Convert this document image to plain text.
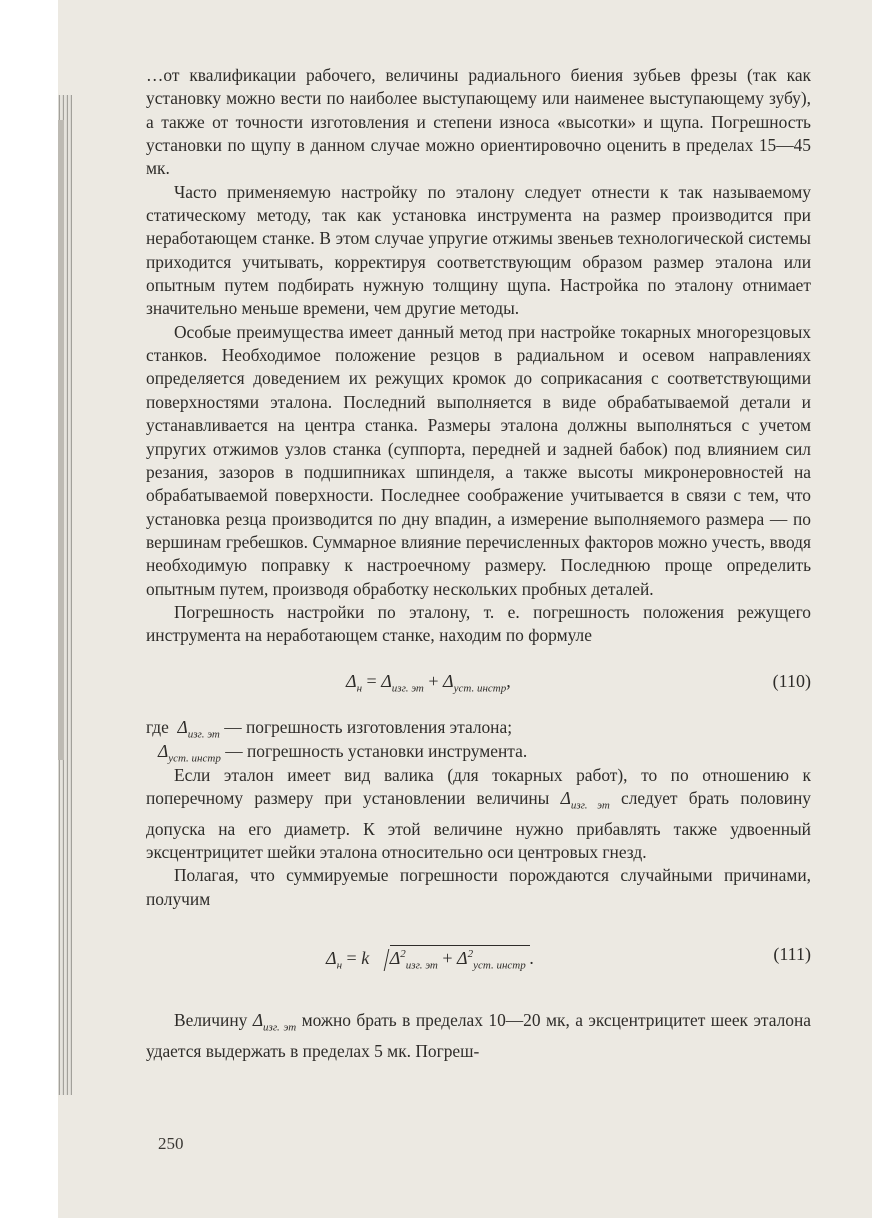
…от квалификации рабочего, величины радиального биения зубьев фрезы (так как установку можно вести по наиболее выступающему или наименее выступающему зубу), а также от точности изготовления и степени износа «высотки» и щупа. Погрешность установки по щупу в данном случае можно ориентировочно оценить в пределах 15—45 мк.

Часто применяемую настройку по эталону следует отнести к так называемому статическому методу, так как установка инструмента на размер производится при неработающем станке. В этом случае упругие отжимы звеньев технологической системы приходится учитывать, корректируя соответствующим образом размер эталона или опытным путем подбирать нужную толщину щупа. Настройка по эталону отнимает значительно меньше времени, чем другие методы.

Особые преимущества имеет данный метод при настройке токарных многорезцовых станков. Необходимое положение резцов в радиальном и осевом направлениях определяется доведением их режущих кромок до соприкасания с соответствующими поверхностями эталона. Последний выполняется в виде обрабатываемой детали и устанавливается на центра станка. Размеры эталона должны выполняться с учетом упругих отжимов узлов станка (суппорта, передней и задней бабок) под влиянием сил резания, зазоров в подшипниках шпинделя, а также высоты микронеровностей на обрабатываемой поверхности. Последнее соображение учитывается в связи с тем, что установка резца производится по дну впадин, а измерение выполняемого размера — по вершинам гребешков. Суммарное влияние перечисленных факторов можно учесть, вводя необходимую поправку к настроечному размеру. Последнюю проще определить опытным путем, производя обработку нескольких пробных деталей.

Погрешность настройки по эталону, т. е. погрешность положения режущего инструмента на неработающем станке, находим по формуле

$\Delta_н = \Delta_{изг. эт} + \Delta_{уст. инстр}$,	(110)
где $\Delta_{изг. эт}$ — погрешность изготовления эталона;
$\Delta_{уст. инстр}$ — погрешность установки инструмента.

Если эталон имеет вид валика (для токарных работ), то по отношению к поперечному размеру при установлении величины $\Delta_{изг. эт}$ следует брать половину допуска на его диаметр. К этой величине нужно прибавлять также удвоенный эксцентрицитет шейки эталона относительно оси центровых гнезд.

Полагая, что суммируемые погрешности порождаются случайными причинами, получим

$\Delta_н = k$ $\Delta^2_{изг. эт} + \Delta^2_{уст. инстр}$ .	(111)

Величину $\Delta_{изг. эт}$ можно брать в пределах 10—20 мк, а эксцентрицитет шеек эталона удается выдержать в пределах 5 мк. Погреш-

250
